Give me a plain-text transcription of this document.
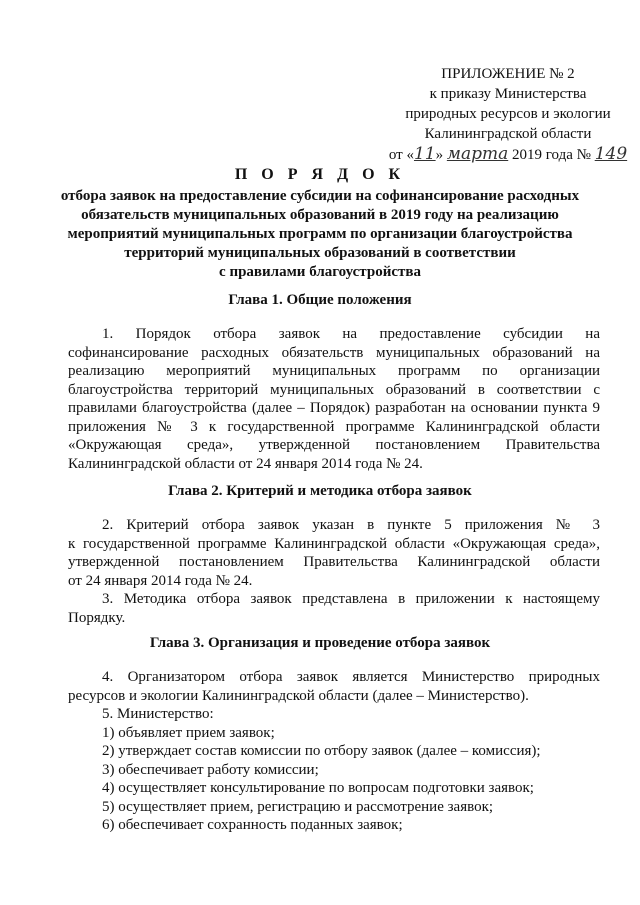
ПРИЛОЖЕНИЕ № 2
к приказу Министерства
природных ресурсов и экологии
Калининградской области
от «11» марта 2019 года № 149
П О Р Я Д О К
отбора заявок на предоставление субсидии на софинансирование расходных
обязательств муниципальных образований в 2019 году на реализацию
мероприятий муниципальных программ по организации благоустройства
территорий муниципальных образований в соответствии
с правилами благоустройства
Глава 1. Общие положения
1. Порядок отбора заявок на предоставление субсидии на
софинансирование расходных обязательств муниципальных образований на
реализацию мероприятий муниципальных программ по организации
благоустройства территорий муниципальных образований в соответствии с
правилами благоустройства (далее – Порядок) разработан на основании пункта 9
приложения № 3 к государственной программе Калининградской области
«Окружающая среда», утвержденной постановлением Правительства
Калининградской области от 24 января 2014 года № 24.
Глава 2. Критерий и методика отбора заявок
2. Критерий отбора заявок указан в пункте 5 приложения № 3
к государственной программе Калининградской области «Окружающая среда»,
утвержденной постановлением Правительства Калининградской области
от 24 января 2014 года № 24.
3. Методика отбора заявок представлена в приложении к настоящему
Порядку.
Глава 3. Организация и проведение отбора заявок
4. Организатором отбора заявок является Министерство природных
ресурсов и экологии Калининградской области (далее – Министерство).
5. Министерство:
1) объявляет прием заявок;
2) утверждает состав комиссии по отбору заявок (далее – комиссия);
3) обеспечивает работу комиссии;
4) осуществляет консультирование по вопросам подготовки заявок;
5) осуществляет прием, регистрацию и рассмотрение заявок;
6) обеспечивает сохранность поданных заявок;
